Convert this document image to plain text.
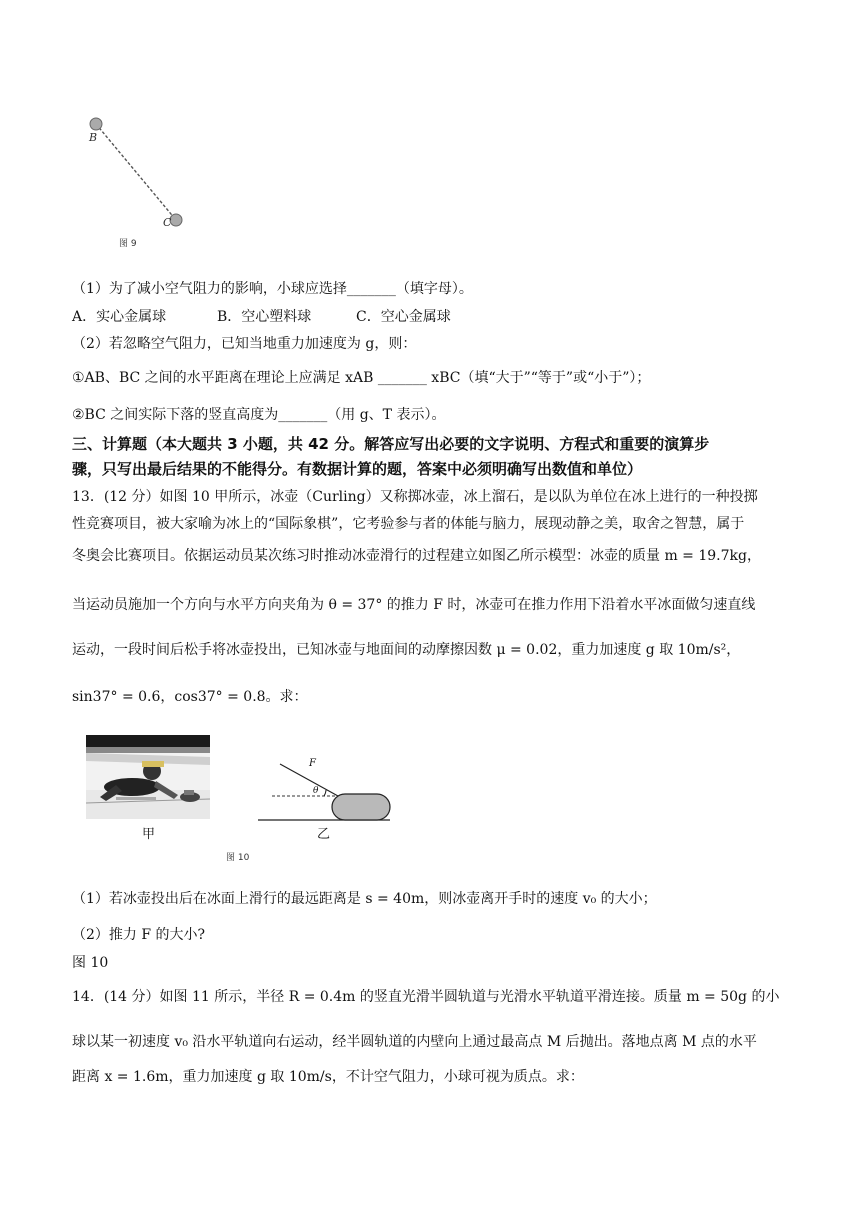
B
C
图 9
（1）为了减小空气阻力的影响，小球应选择_______（填字母）。
A．实心金属球	B．空心塑料球	C．空心金属球
（2）若忽略空气阻力，已知当地重力加速度为 g，则：
①AB、BC 之间的水平距离在理论上应满足 xAB _______ xBC（填“大于”“等于”或“小于”）；
②BC 之间实际下落的竖直高度为_______（用 g、T 表示）。
三、计算题（本大题共 3 小题，共 42 分。解答应写出必要的文字说明、方程式和重要的演算步
骤，只写出最后结果的不能得分。有数据计算的题，答案中必须明确写出数值和单位）
13．(12 分）如图 10 甲所示，冰壶（Curling）又称掷冰壶，冰上溜石，是以队为单位在冰上进行的一种投掷
性竞赛项目，被大家喻为冰上的“国际象棋”，它考验参与者的体能与脑力，展现动静之美，取舍之智慧，属于
冬奥会比赛项目。依据运动员某次练习时推动冰壶滑行的过程建立如图乙所示模型：冰壶的质量 m = 19.7kg，
当运动员施加一个方向与水平方向夹角为 θ = 37° 的推力 F 时，冰壶可在推力作用下沿着水平冰面做匀速直线
运动，一段时间后松手将冰壶投出，已知冰壶与地面间的动摩擦因数 μ = 0.02，重力加速度 g 取 10m/s²，
sin37° = 0.6，cos37° = 0.8。求：
甲
F
θ
乙
图 10
（1）若冰壶投出后在冰面上滑行的最远距离是 s = 40m，则冰壶离开手时的速度 v₀ 的大小；
（2）推力 F 的大小?
图 10
14．(14 分）如图 11 所示，半径 R = 0.4m 的竖直光滑半圆轨道与光滑水平轨道平滑连接。质量 m = 50g 的小
球以某一初速度 v₀ 沿水平轨道向右运动，经半圆轨道的内壁向上通过最高点 M 后抛出。落地点离 M 点的水平
距离 x = 1.6m，重力加速度 g 取 10m/s，不计空气阻力，小球可视为质点。求：
